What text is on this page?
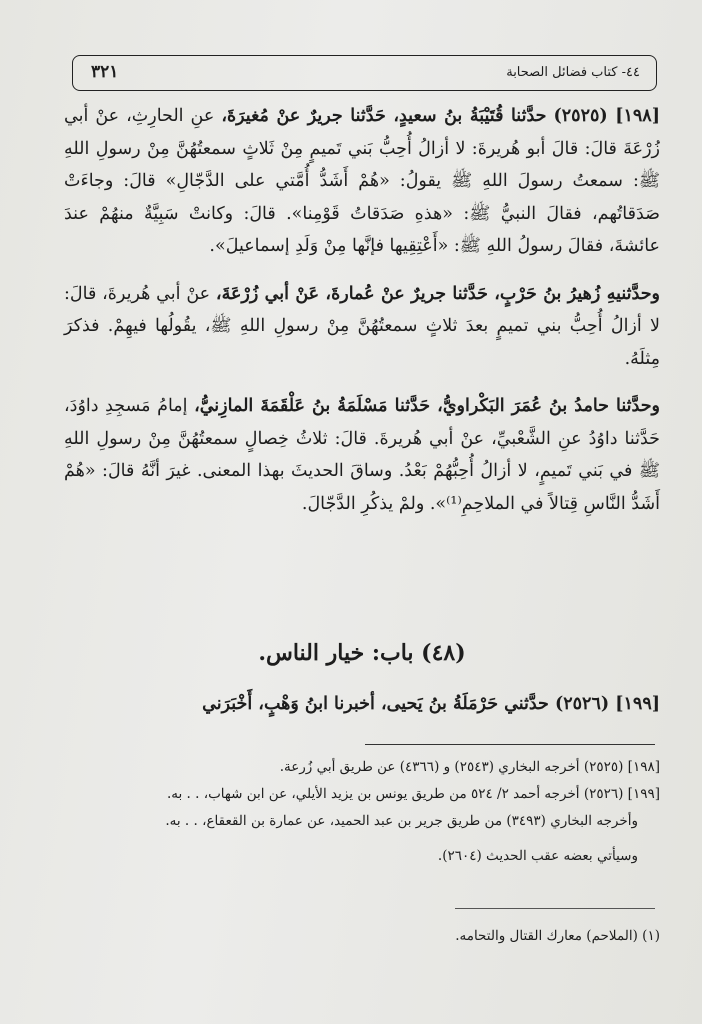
٣٢١	٤٤- كتاب فضائل الصحابة

[١٩٨] (٢٥٢٥) حدَّثنا قُتَيْبَةُ بنُ سعيدٍ، حَدَّثنا جريرٌ عنْ مُغيرَةَ، عنِ الحارِثِ، عنْ أبي زُرْعَةَ قالَ: قالَ أبو هُريرةَ: لا أزالُ أُحِبُّ بَني تَميمٍ مِنْ ثَلاثٍ سمعتُهُنَّ مِنْ رسولِ اللهِ ﷺ: سمعتُ رسولَ اللهِ ﷺ يقولُ: «هُمْ أَشَدُّ أُمَّتي على الدَّجّالِ» قالَ: وجاءَتْ صَدَقاتُهم، فقالَ النبيُّ ﷺ: «هذهِ صَدَقاتُ قَوْمِنا». قالَ: وكانتْ سَبِيَّةٌ منهُمْ عندَ عائشةَ، فقالَ رسولُ اللهِ ﷺ: «أَعْتِقِيها فإنَّها مِنْ وَلَدِ إسماعيلَ».

وحدَّثنيهِ زُهيرُ بنُ حَرْبٍ، حَدَّثنا جريرٌ عنْ عُمارةَ، عَنْ أبي زُرْعَةَ، عنْ أبي هُريرةَ، قالَ: لا أزالُ أُحِبُّ بني تميمٍ بعدَ ثلاثٍ سمعتُهُنَّ مِنْ رسولِ اللهِ ﷺ، يقُولُها فيهِمْ. فذكرَ مِثلَهُ.

وحدَّثنا حامدُ بنُ عُمَرَ البَكْراويُّ، حَدَّثنا مَسْلَمَةُ بنُ عَلْقَمَةَ المازِنيُّ، إمامُ مَسجِدِ داوُدَ، حَدَّثنا داوُدُ عنِ الشَّعْبيِّ، عنْ أبي هُريرةَ. قالَ: ثلاثُ خِصالٍ سمعتُهُنَّ مِنْ رسولِ اللهِ ﷺ في بَني تَميمٍ، لا أزالُ أُحِبُّهُمْ بَعْدُ. وساقَ الحديثَ بهذا المعنى. غيرَ أنَّهُ قالَ: «هُمْ أَشَدُّ النَّاسِ قِتالاً في الملاحِمِ⁽¹⁾». ولمْ يذكُرِ الدَّجّالَ.

(٤٨) باب: خيار الناس.
[١٩٩] (٢٥٢٦) حدَّثني حَرْمَلَةُ بنُ يَحيى، أخبرنا ابنُ وَهْبٍ، أَخْبَرَني
[١٩٨] (٢٥٢٥) أخرجه البخاري (٢٥٤٣) و (٤٣٦٦) عن طريق أبي زُرعة.
[١٩٩] (٢٥٢٦) أخرجه أحمد ٢/ ٥٢٤ من طريق يونس بن يزيد الأيلي، عن ابن شهاب، . . به.
وأخرجه البخاري (٣٤٩٣) من طريق جرير بن عبد الحميد، عن عمارة بن القعقاع، . . به.
وسيأتي بعضه عقب الحديث (٢٦٠٤).
(١) (الملاحم) معارك القتال والتحامه.
